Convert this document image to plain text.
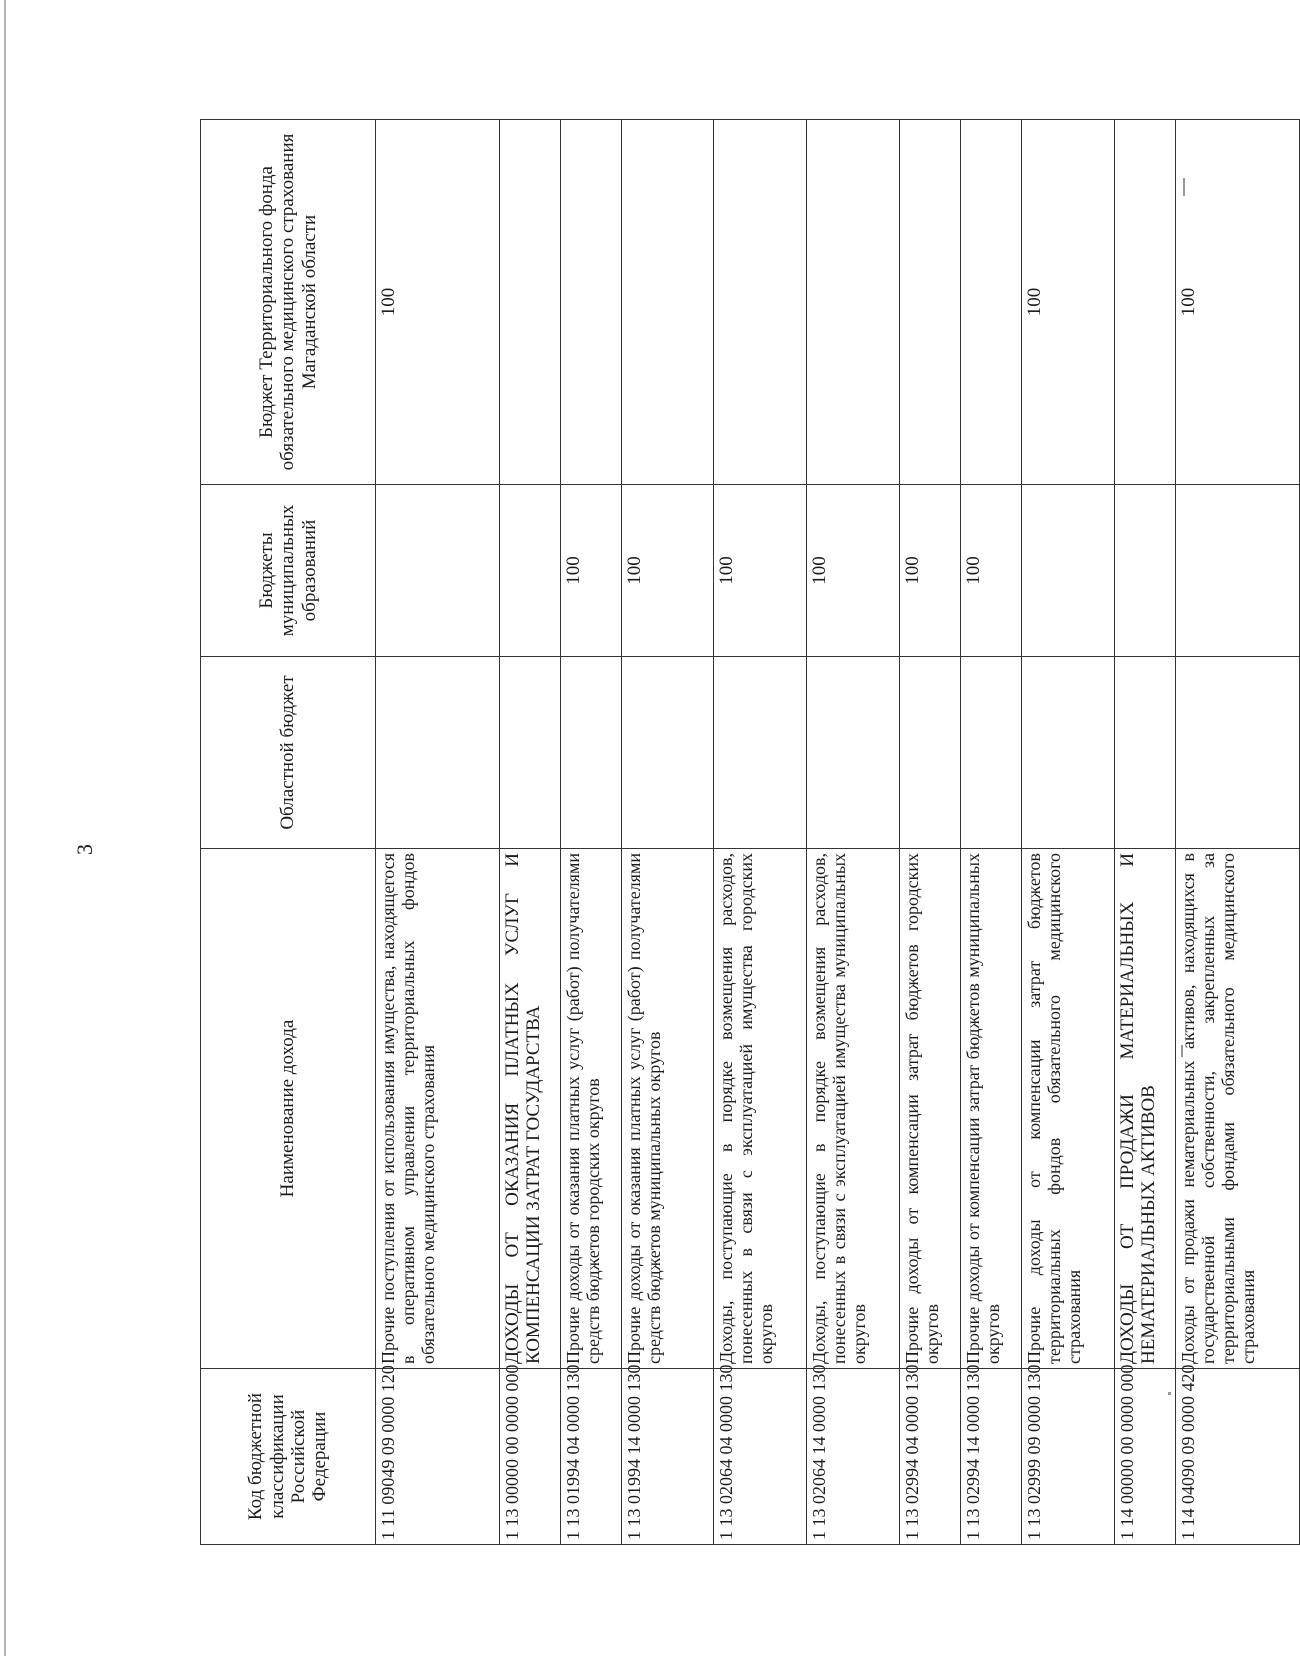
3
Код бюджетной классификации Российской Федерации	Наименование дохода	Областной бюджет	Бюджеты муниципальных образований	Бюджет Территориального фонда обязательного медицинского страхования Магаданской области
1 11 09049 09 0000 120	Прочие поступления от использования имущества, находящегося в оперативном управлении территориальных фондов обязательного медицинского страхования			100
1 13 00000 00 0000 000	ДОХОДЫ ОТ ОКАЗАНИЯ ПЛАТНЫХ УСЛУГ И КОМПЕНСАЦИИ ЗАТРАТ ГОСУДАРСТВА			
1 13 01994 04 0000 130	Прочие доходы от оказания платных услуг (работ) получателями средств бюджетов городских округов		100	
1 13 01994 14 0000 130	Прочие доходы от оказания платных услуг (работ) получателями средств бюджетов муниципальных округов		100	
1 13 02064 04 0000 130	Доходы, поступающие в порядке возмещения расходов, понесенных в связи с эксплуатацией имущества городских округов		100	
1 13 02064 14 0000 130	Доходы, поступающие в порядке возмещения расходов, понесенных в связи с эксплуатацией имущества муниципальных округов		100	
1 13 02994 04 0000 130	Прочие доходы от компенсации затрат бюджетов городских округов		100	
1 13 02994 14 0000 130	Прочие доходы от компенсации затрат бюджетов муниципальных округов		100	
1 13 02999 09 0000 130	Прочие доходы от компенсации затрат бюджетов территориальных фондов обязательного медицинского страхования			100
1 14 00000 00 0000 000	ДОХОДЫ ОТ ПРОДАЖИ МАТЕРИАЛЬНЫХ И НЕМАТЕРИАЛЬНЫХ АКТИВОВ			
1 14 04090 09 0000 420	Доходы от продажи нематериальных активов, находящихся в государственной собственности, закрепленных за территориальными фондами обязательного медицинского страхования			100
